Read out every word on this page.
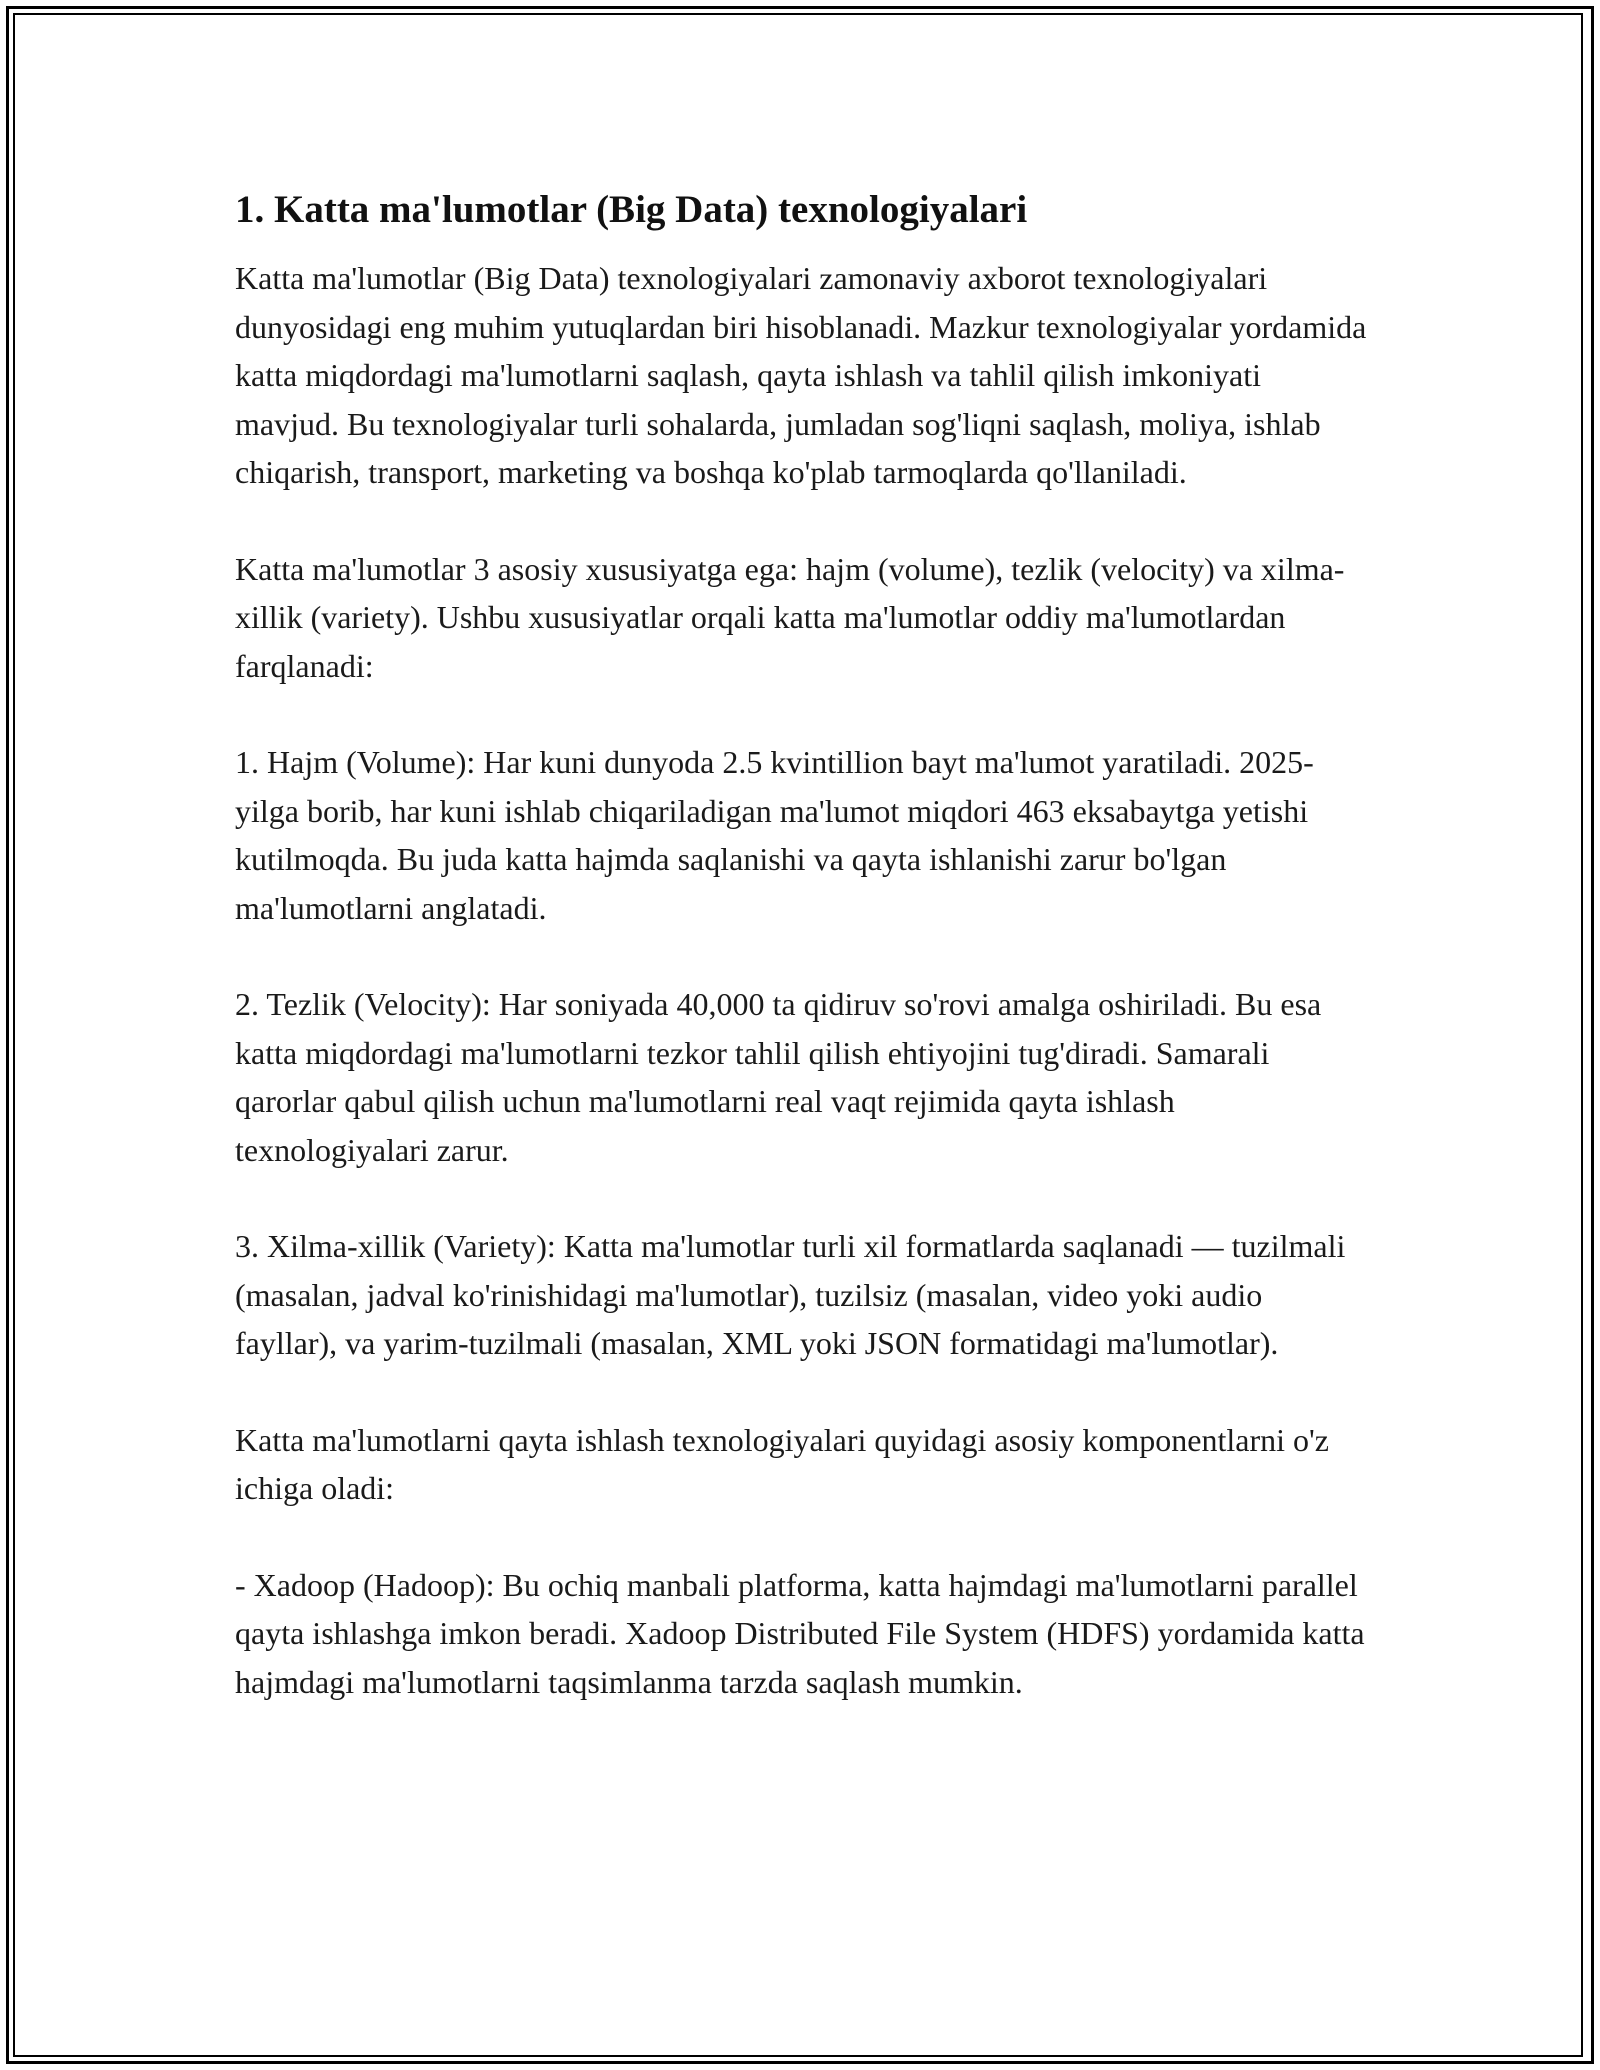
1. Katta ma'lumotlar (Big Data) texnologiyalari

Katta ma'lumotlar (Big Data) texnologiyalari zamonaviy axborot texnologiyalari dunyosidagi eng muhim yutuqlardan biri hisoblanadi. Mazkur texnologiyalar yordamida katta miqdordagi ma'lumotlarni saqlash, qayta ishlash va tahlil qilish imkoniyati mavjud. Bu texnologiyalar turli sohalarda, jumladan sog'liqni saqlash, moliya, ishlab chiqarish, transport, marketing va boshqa ko'plab tarmoqlarda qo'llaniladi.

Katta ma'lumotlar 3 asosiy xususiyatga ega: hajm (volume), tezlik (velocity) va xilma-xillik (variety). Ushbu xususiyatlar orqali katta ma'lumotlar oddiy ma'lumotlardan farqlanadi:

1. Hajm (Volume): Har kuni dunyoda 2.5 kvintillion bayt ma'lumot yaratiladi. 2025-yilga borib, har kuni ishlab chiqariladigan ma'lumot miqdori 463 eksabaytga yetishi kutilmoqda. Bu juda katta hajmda saqlanishi va qayta ishlanishi zarur bo'lgan ma'lumotlarni anglatadi.

2. Tezlik (Velocity): Har soniyada 40,000 ta qidiruv so'rovi amalga oshiriladi. Bu esa katta miqdordagi ma'lumotlarni tezkor tahlil qilish ehtiyojini tug'diradi. Samarali qarorlar qabul qilish uchun ma'lumotlarni real vaqt rejimida qayta ishlash texnologiyalari zarur.

3. Xilma-xillik (Variety): Katta ma'lumotlar turli xil formatlarda saqlanadi — tuzilmali (masalan, jadval ko'rinishidagi ma'lumotlar), tuzilsiz (masalan, video yoki audio fayllar), va yarim-tuzilmali (masalan, XML yoki JSON formatidagi ma'lumotlar).

Katta ma'lumotlarni qayta ishlash texnologiyalari quyidagi asosiy komponentlarni o'z ichiga oladi:

- Xadoop (Hadoop): Bu ochiq manbali platforma, katta hajmdagi ma'lumotlarni parallel qayta ishlashga imkon beradi. Xadoop Distributed File System (HDFS) yordamida katta hajmdagi ma'lumotlarni taqsimlanma tarzda saqlash mumkin.
